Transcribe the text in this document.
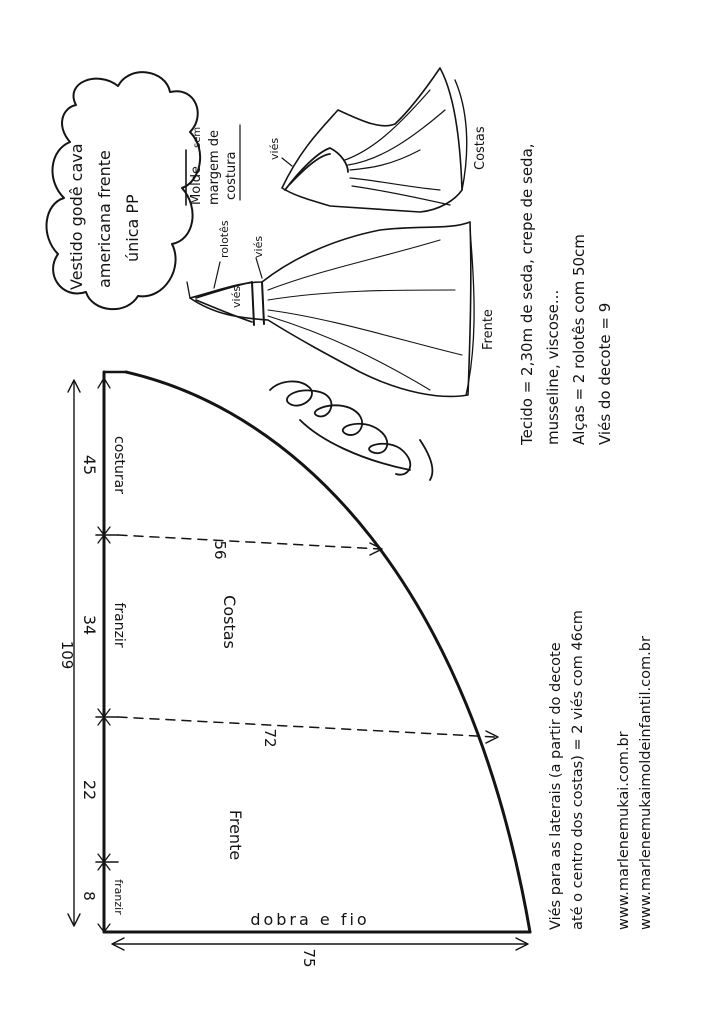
109
75
45 costurar
34 franzir
22
8 franzir
56
72
Costas
Frente
dobra e fio	Viés para as laterais (a partir do decote até o centro dos costas) = 2 viés com 46cm www.marlenemukai.com.br www.marlenemukaimoldeinfantil.com.br
Tecido = 2,30m de seda, crepe de seda, musseline, viscose... Alças = 2 rolotês com 50cm Viés do decote = 9
Vestido godê cava americana frente única PP
Molde
sem margem de costura
Costas
viés
rolotês viés
viés
Frente
